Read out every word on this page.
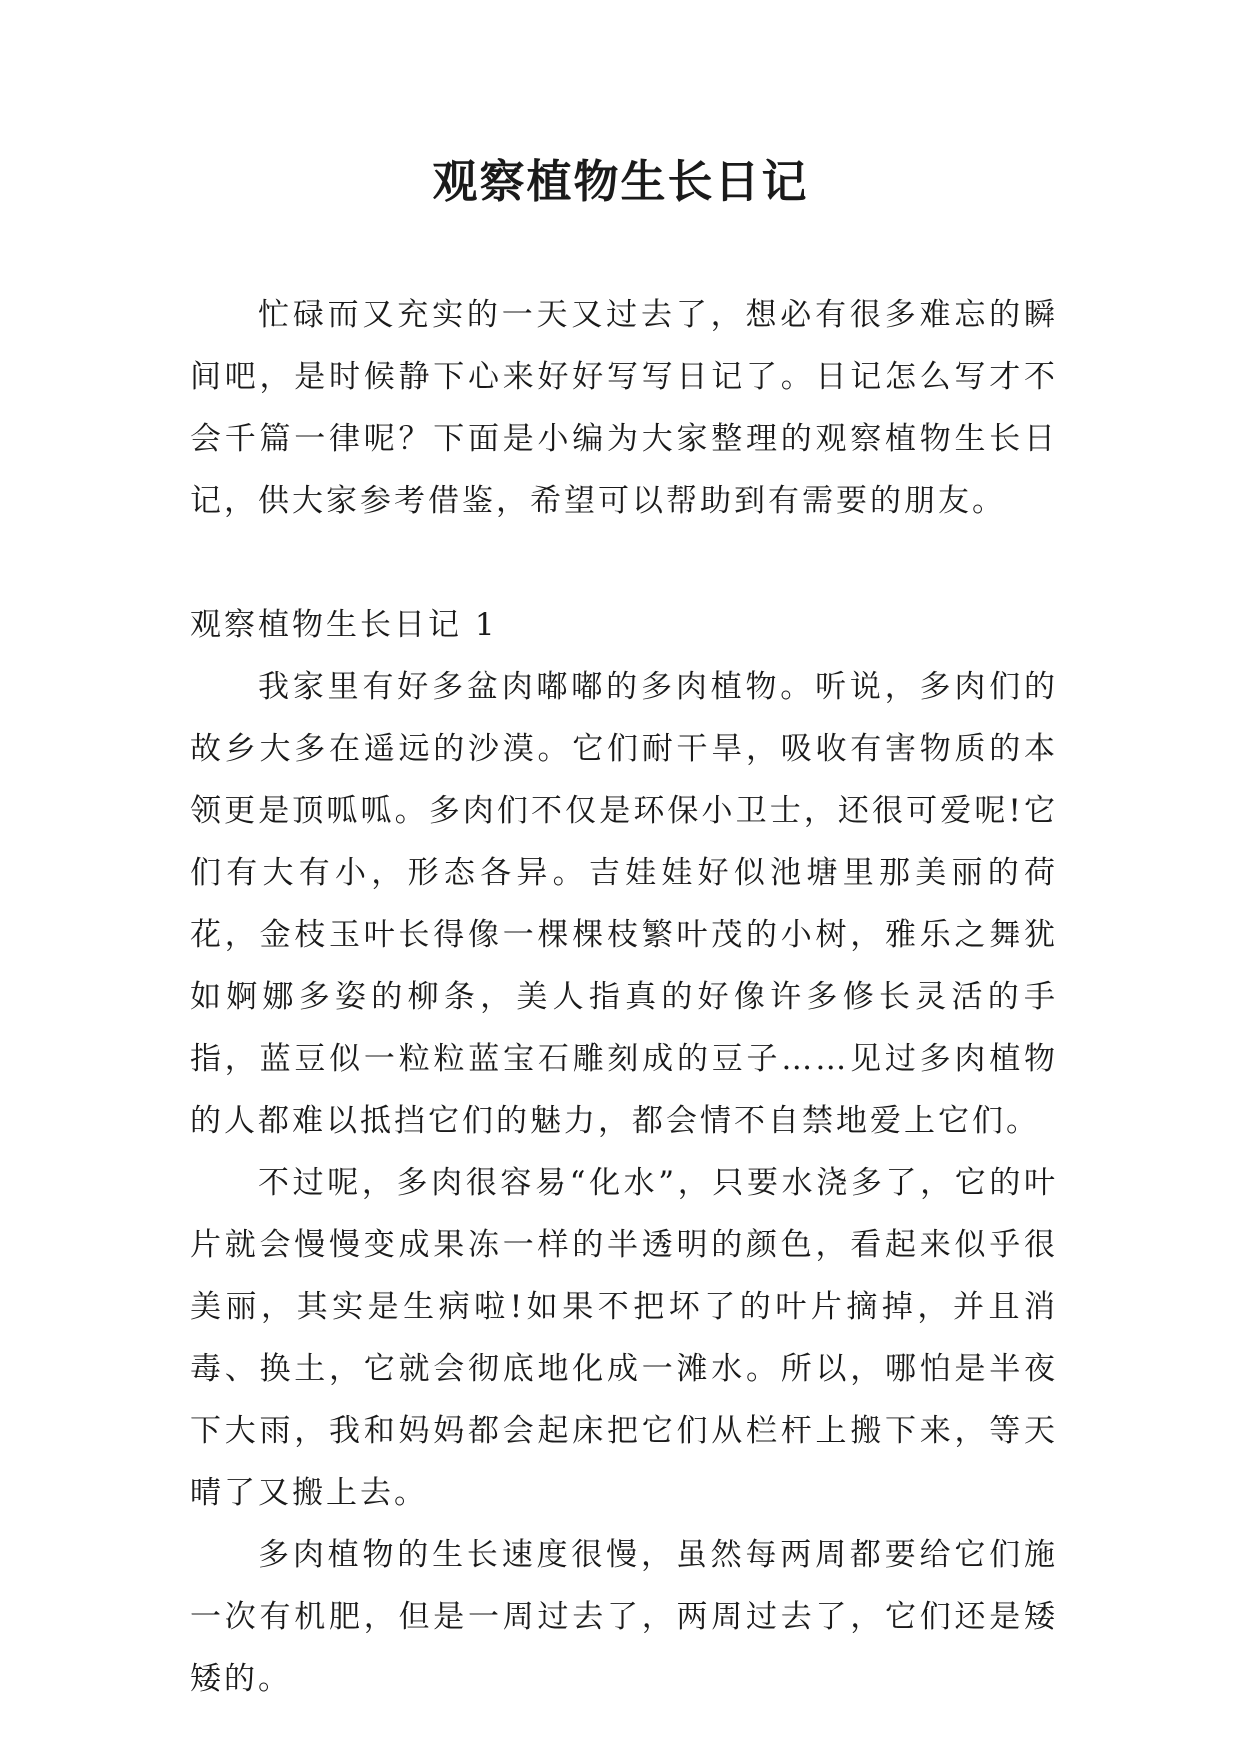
观察植物生长日记

忙碌而又充实的一天又过去了，想必有很多难忘的瞬间吧，是时候静下心来好好写写日记了。日记怎么写才不会千篇一律呢？下面是小编为大家整理的观察植物生长日记，供大家参考借鉴，希望可以帮助到有需要的朋友。

观察植物生长日记 1

我家里有好多盆肉嘟嘟的多肉植物。听说，多肉们的故乡大多在遥远的沙漠。它们耐干旱，吸收有害物质的本领更是顶呱呱。多肉们不仅是环保小卫士，还很可爱呢!它们有大有小，形态各异。吉娃娃好似池塘里那美丽的荷花，金枝玉叶长得像一棵棵枝繁叶茂的小树，雅乐之舞犹如婀娜多姿的柳条，美人指真的好像许多修长灵活的手指，蓝豆似一粒粒蓝宝石雕刻成的豆子……见过多肉植物的人都难以抵挡它们的魅力，都会情不自禁地爱上它们。

不过呢，多肉很容易“化水”，只要水浇多了，它的叶片就会慢慢变成果冻一样的半透明的颜色，看起来似乎很美丽，其实是生病啦!如果不把坏了的叶片摘掉，并且消毒、换土，它就会彻底地化成一滩水。所以，哪怕是半夜下大雨，我和妈妈都会起床把它们从栏杆上搬下来，等天晴了又搬上去。

多肉植物的生长速度很慢，虽然每两周都要给它们施一次有机肥，但是一周过去了，两周过去了，它们还是矮矮的。
